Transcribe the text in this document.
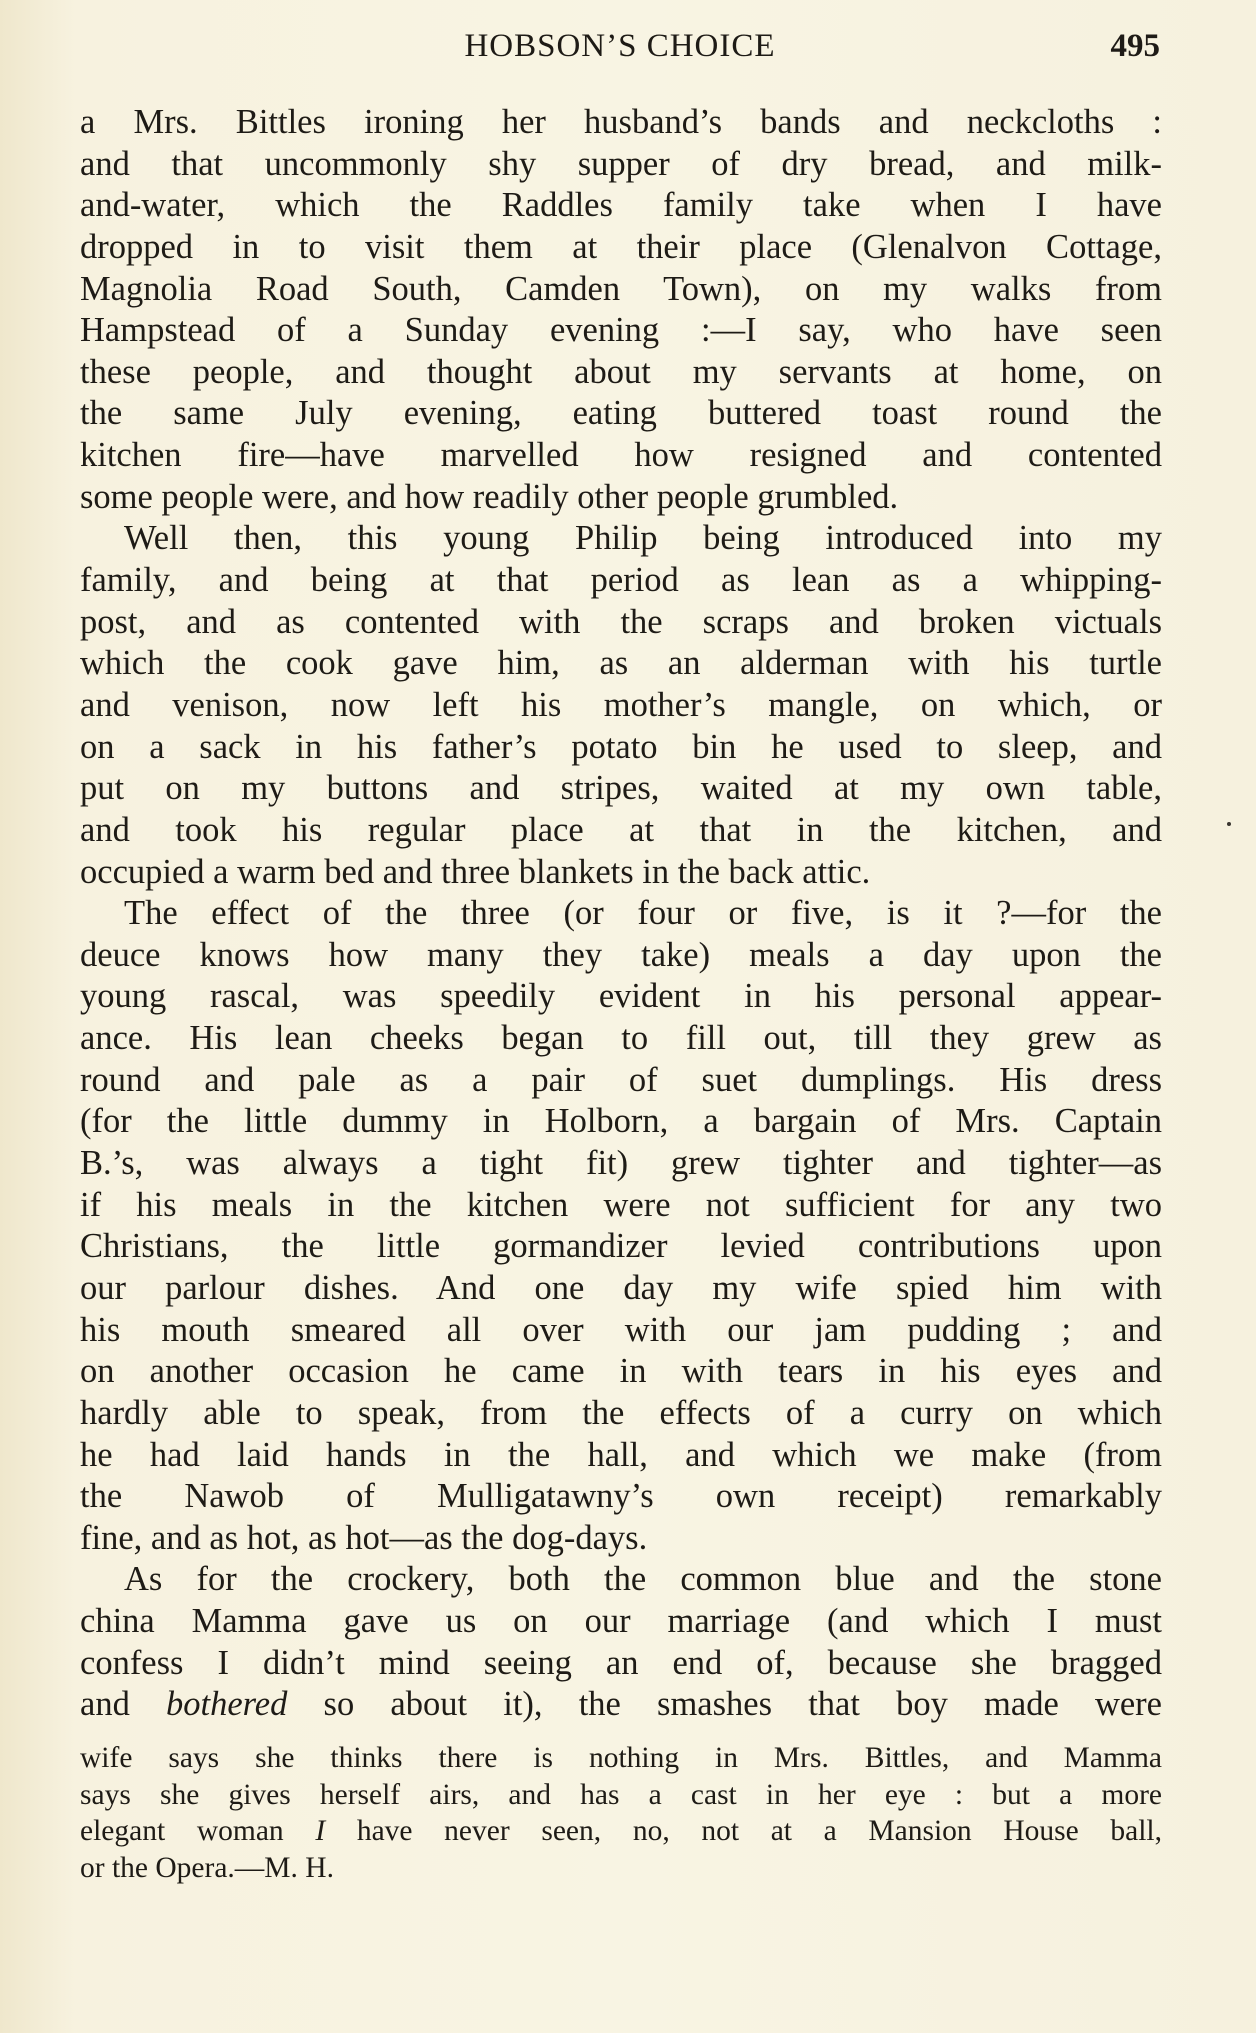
HOBSON’S CHOICE	495
a Mrs. Bittles ironing her husband’s bands and neckcloths :
and that uncommonly shy supper of dry bread, and milk-
and-water, which the Raddles family take when I have
dropped in to visit them at their place (Glenalvon Cottage,
Magnolia Road South, Camden Town), on my walks from
Hampstead of a Sunday evening :—I say, who have seen
these people, and thought about my servants at home, on
the same July evening, eating buttered toast round the
kitchen fire—have marvelled how resigned and contented
some people were, and how readily other people grumbled.
Well then, this young Philip being introduced into my
family, and being at that period as lean as a whipping-
post, and as contented with the scraps and broken victuals
which the cook gave him, as an alderman with his turtle
and venison, now left his mother’s mangle, on which, or
on a sack in his father’s potato bin he used to sleep, and
put on my buttons and stripes, waited at my own table,
and took his regular place at that in the kitchen, and
occupied a warm bed and three blankets in the back attic.
The effect of the three (or four or five, is it ?—for the
deuce knows how many they take) meals a day upon the
young rascal, was speedily evident in his personal appear-
ance. His lean cheeks began to fill out, till they grew as
round and pale as a pair of suet dumplings. His dress
(for the little dummy in Holborn, a bargain of Mrs. Captain
B.’s, was always a tight fit) grew tighter and tighter—as
if his meals in the kitchen were not sufficient for any two
Christians, the little gormandizer levied contributions upon
our parlour dishes. And one day my wife spied him with
his mouth smeared all over with our jam pudding ; and
on another occasion he came in with tears in his eyes and
hardly able to speak, from the effects of a curry on which
he had laid hands in the hall, and which we make (from
the Nawob of Mulligatawny’s own receipt) remarkably
fine, and as hot, as hot—as the dog-days.
As for the crockery, both the common blue and the stone
china Mamma gave us on our marriage (and which I must
confess I didn’t mind seeing an end of, because she bragged
and bothered so about it), the smashes that boy made were
wife says she thinks there is nothing in Mrs. Bittles, and Mamma
says she gives herself airs, and has a cast in her eye : but a more
elegant woman I have never seen, no, not at a Mansion House ball,
or the Opera.—M. H.
